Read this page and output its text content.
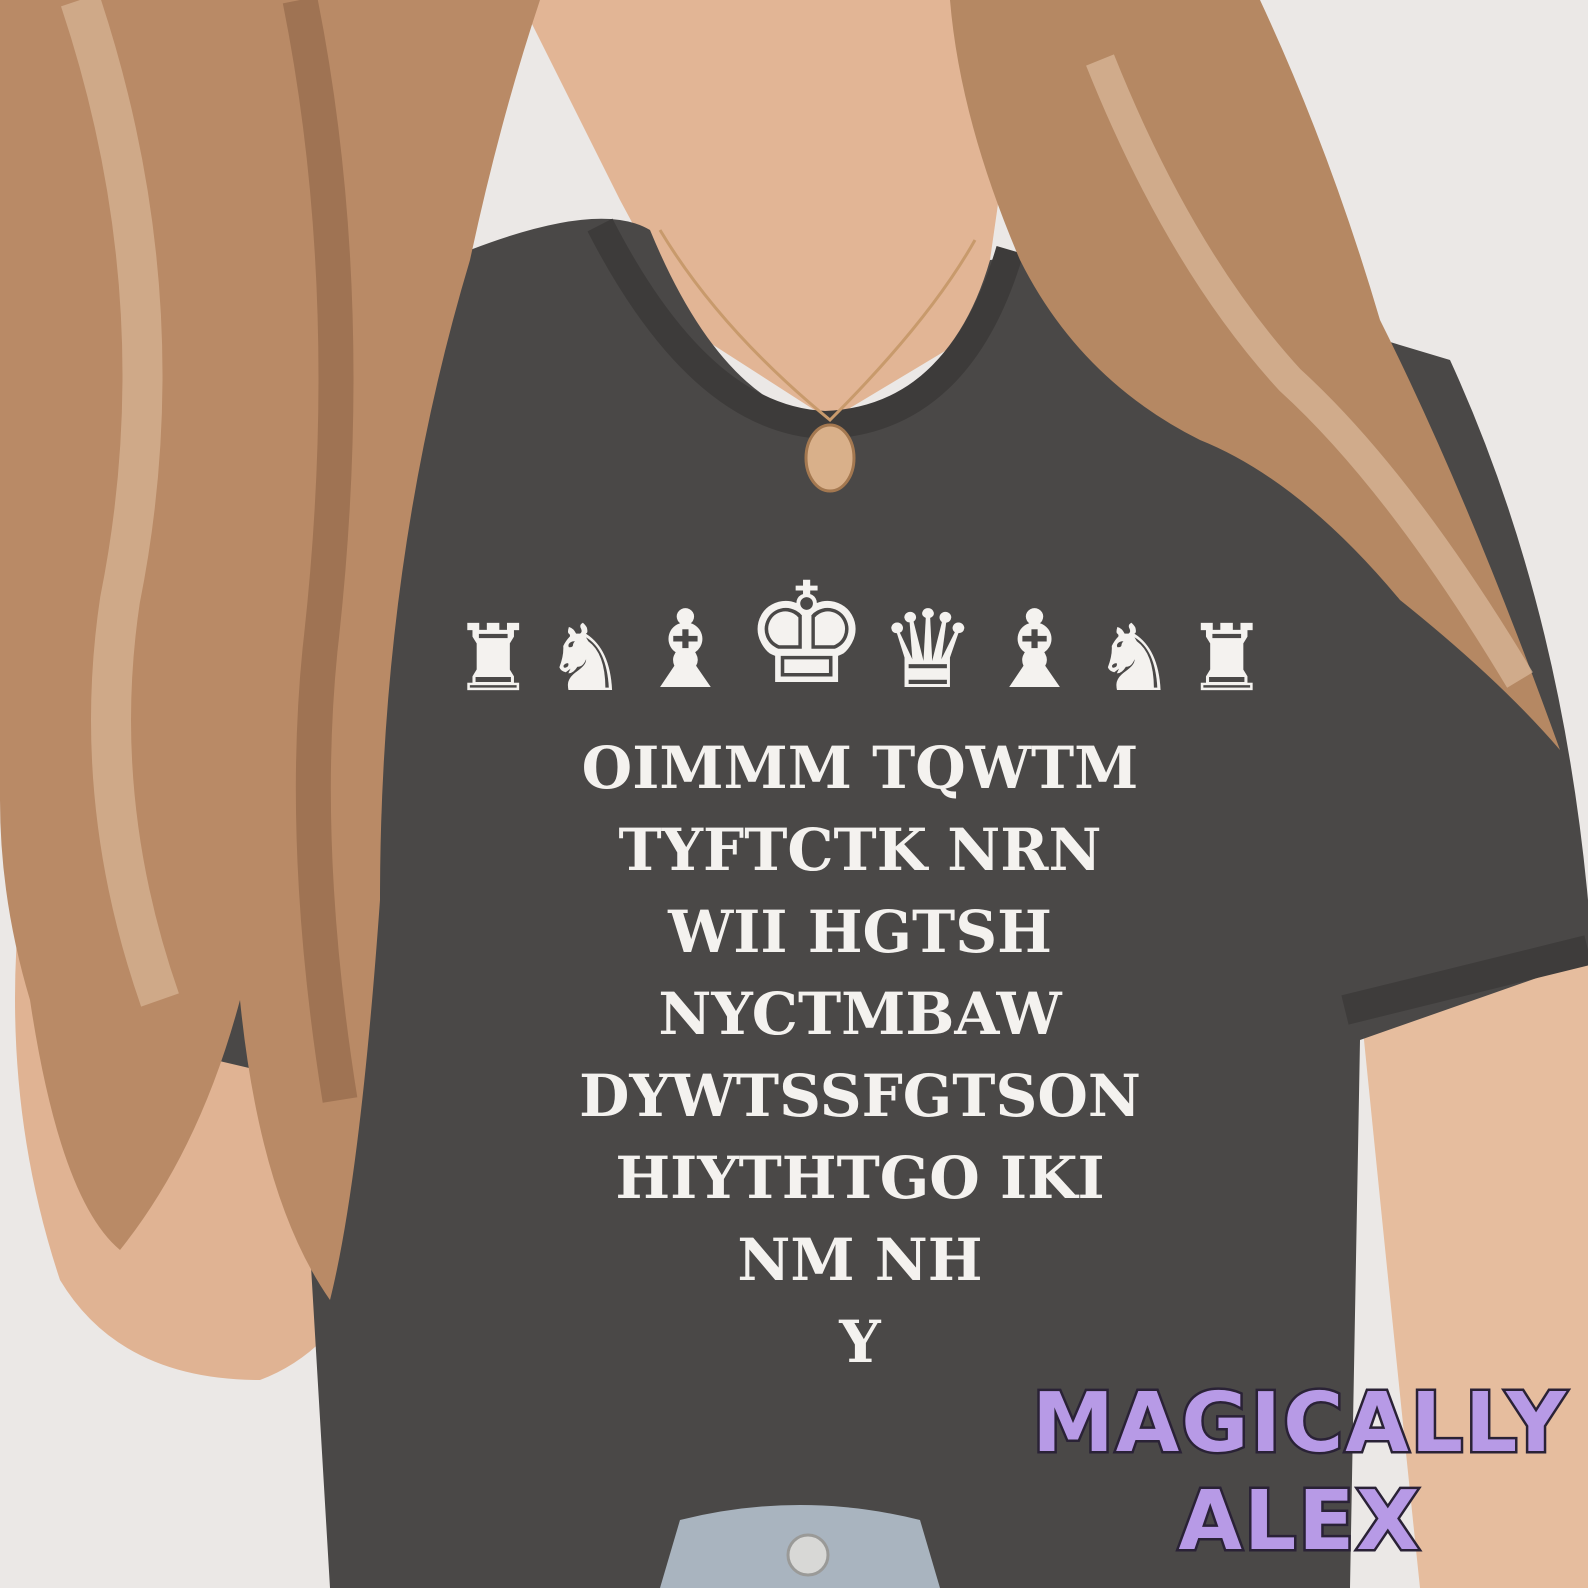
♜ ♞ ♝ ♚ ♛ ♝ ♞ ♜
OIMMM TQWTM
TYFTCTK NRN
WII HGTSH
NYCTMBAW
DYWTSSFGTSON
HIYTHTGO IKI
NM NH
Y
MAGICALLY
ALEX
